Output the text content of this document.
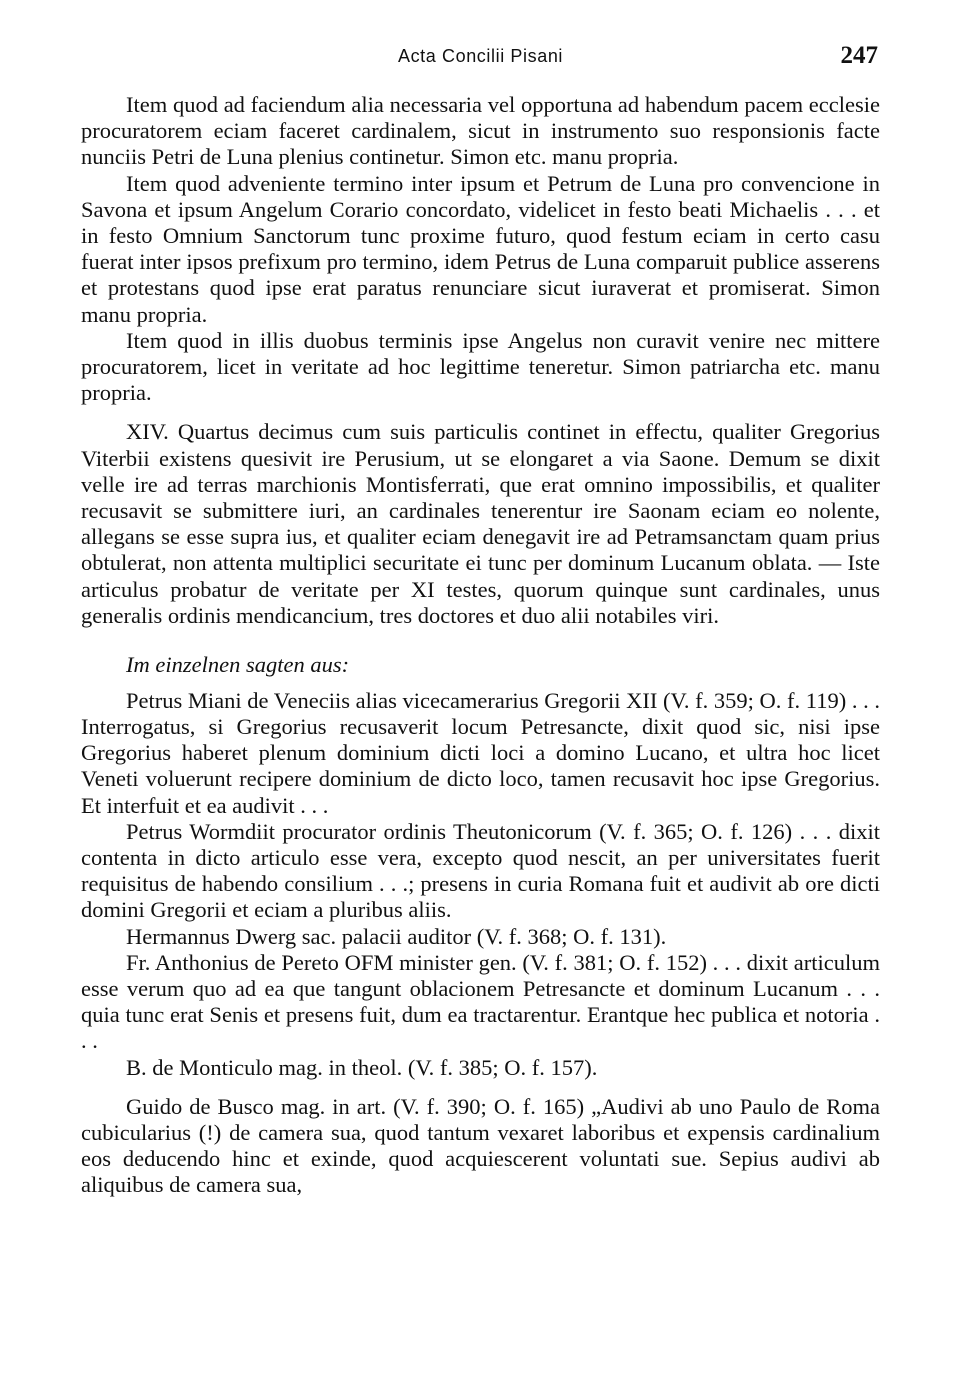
Acta Concilii Pisani	247

Item quod ad faciendum alia necessaria vel opportuna ad habendum pacem ecclesie procuratorem eciam faceret cardinalem, sicut in instrumento suo responsionis facte nunciis Petri de Luna plenius continetur. Simon etc. manu propria.

Item quod adveniente termino inter ipsum et Petrum de Luna pro convencione in Savona et ipsum Angelum Corario concordato, videlicet in festo beati Michaelis . . . et in festo Omnium Sanctorum tunc proxime futuro, quod festum eciam in certo casu fuerat inter ipsos prefixum pro termino, idem Petrus de Luna comparuit publice asserens et protestans quod ipse erat paratus renunciare sicut iuraverat et promiserat. Simon manu propria.

Item quod in illis duobus terminis ipse Angelus non curavit venire nec mittere procuratorem, licet in veritate ad hoc legittime teneretur. Simon patriarcha etc. manu propria.

XIV. Quartus decimus cum suis particulis continet in effectu, qualiter Gregorius Viterbii existens quesivit ire Perusium, ut se elongaret a via Saone. Demum se dixit velle ire ad terras marchionis Montisferrati, que erat omnino impossibilis, et qualiter recusavit se submittere iuri, an cardinales tenerentur ire Saonam eciam eo nolente, allegans se esse supra ius, et qualiter eciam denegavit ire ad Petramsanctam quam prius obtulerat, non attenta multiplici securitate ei tunc per dominum Lucanum oblata. — Iste articulus probatur de veritate per XI testes, quorum quinque sunt cardinales, unus generalis ordinis mendicancium, tres doctores et duo alii notabiles viri.

Im einzelnen sagten aus:

Petrus Miani de Veneciis alias vicecamerarius Gregorii XII (V. f. 359; O. f. 119) . . . Interrogatus, si Gregorius recusaverit locum Petresancte, dixit quod sic, nisi ipse Gregorius haberet plenum dominium dicti loci a domino Lucano, et ultra hoc licet Veneti voluerunt recipere dominium de dicto loco, tamen recusavit hoc ipse Gregorius. Et interfuit et ea audivit . . .

Petrus Wormdiit procurator ordinis Theutonicorum (V. f. 365; O. f. 126) . . . dixit contenta in dicto articulo esse vera, excepto quod nescit, an per universitates fuerit requisitus de habendo consilium . . .; presens in curia Romana fuit et audivit ab ore dicti domini Gregorii et eciam a pluribus aliis.

Hermannus Dwerg sac. palacii auditor (V. f. 368; O. f. 131).

Fr. Anthonius de Pereto OFM minister gen. (V. f. 381; O. f. 152) . . . dixit articulum esse verum quo ad ea que tangunt oblacionem Petresancte et dominum Lucanum . . . quia tunc erat Senis et presens fuit, dum ea tractarentur. Erantque hec publica et notoria . . .

B. de Monticulo mag. in theol. (V. f. 385; O. f. 157).

Guido de Busco mag. in art. (V. f. 390; O. f. 165) „Audivi ab uno Paulo de Roma cubicularius (!) de camera sua, quod tantum vexaret laboribus et expensis cardinalium eos deducendo hinc et exinde, quod acquiescerent voluntati sue. Sepius audivi ab aliquibus de camera sua,
